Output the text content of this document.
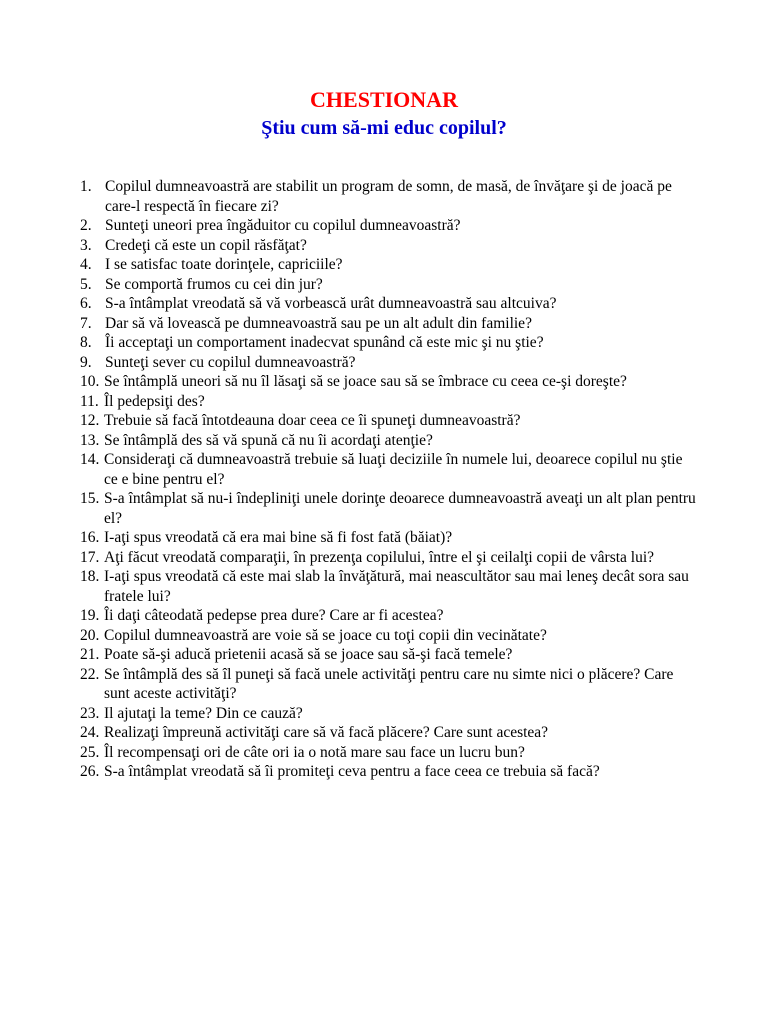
CHESTIONAR
Ştiu cum să-mi educ copilul?
1. Copilul dumneavoastră are stabilit un program de somn, de masă, de învăţare şi de joacă pe care-l respectă în fiecare zi?
2. Sunteţi uneori prea îngăduitor cu copilul dumneavoastră?
3. Credeţi că este un copil răsfăţat?
4. I se satisfac toate dorinţele, capriciile?
5. Se comportă frumos cu cei din jur?
6. S-a întâmplat vreodată să vă vorbească urât dumneavoastră sau altcuiva?
7. Dar să vă lovească pe dumneavoastră sau pe un alt adult din familie?
8. Îi acceptaţi un comportament inadecvat spunând că este mic şi nu ştie?
9. Sunteţi sever cu copilul dumneavoastră?
10. Se întâmplă uneori să nu îl lăsaţi să se joace sau să se îmbrace cu ceea ce-şi doreşte?
11. Îl pedepsiţi des?
12. Trebuie să facă întotdeauna doar ceea ce îi spuneţi dumneavoastră?
13. Se întâmplă des să vă spună că nu îi acordaţi atenţie?
14. Consideraţi că dumneavoastră trebuie să luaţi deciziile în numele lui, deoarece copilul nu ştie ce e bine pentru el?
15. S-a întâmplat să nu-i îndepliniţi unele dorinţe deoarece dumneavoastră aveaţi un alt plan pentru el?
16. I-aţi spus vreodată că era mai bine să fi fost fată (băiat)?
17. Aţi făcut vreodată comparaţii, în prezenţa copilului, între el şi ceilalţi copii de vârsta lui?
18. I-aţi spus vreodată că este mai slab la învăţătură, mai neascultător sau mai leneş decât sora sau fratele lui?
19. Îi daţi câteodată pedepse prea dure? Care ar fi acestea?
20. Copilul dumneavoastră are voie să se joace cu toţi copii din vecinătate?
21. Poate să-şi aducă prietenii acasă să se joace sau să-şi facă temele?
22. Se întâmplă des să îl puneţi să facă unele activităţi pentru care nu simte nici o plăcere? Care sunt aceste activităţi?
23. Il ajutaţi la teme? Din ce cauză?
24. Realizaţi împreună activităţi care să vă facă plăcere? Care sunt acestea?
25. Îl recompensaţi ori de câte ori ia o notă mare sau face un lucru bun?
26. S-a întâmplat vreodată să îi promiteţi ceva pentru a face ceea ce trebuia să facă?
